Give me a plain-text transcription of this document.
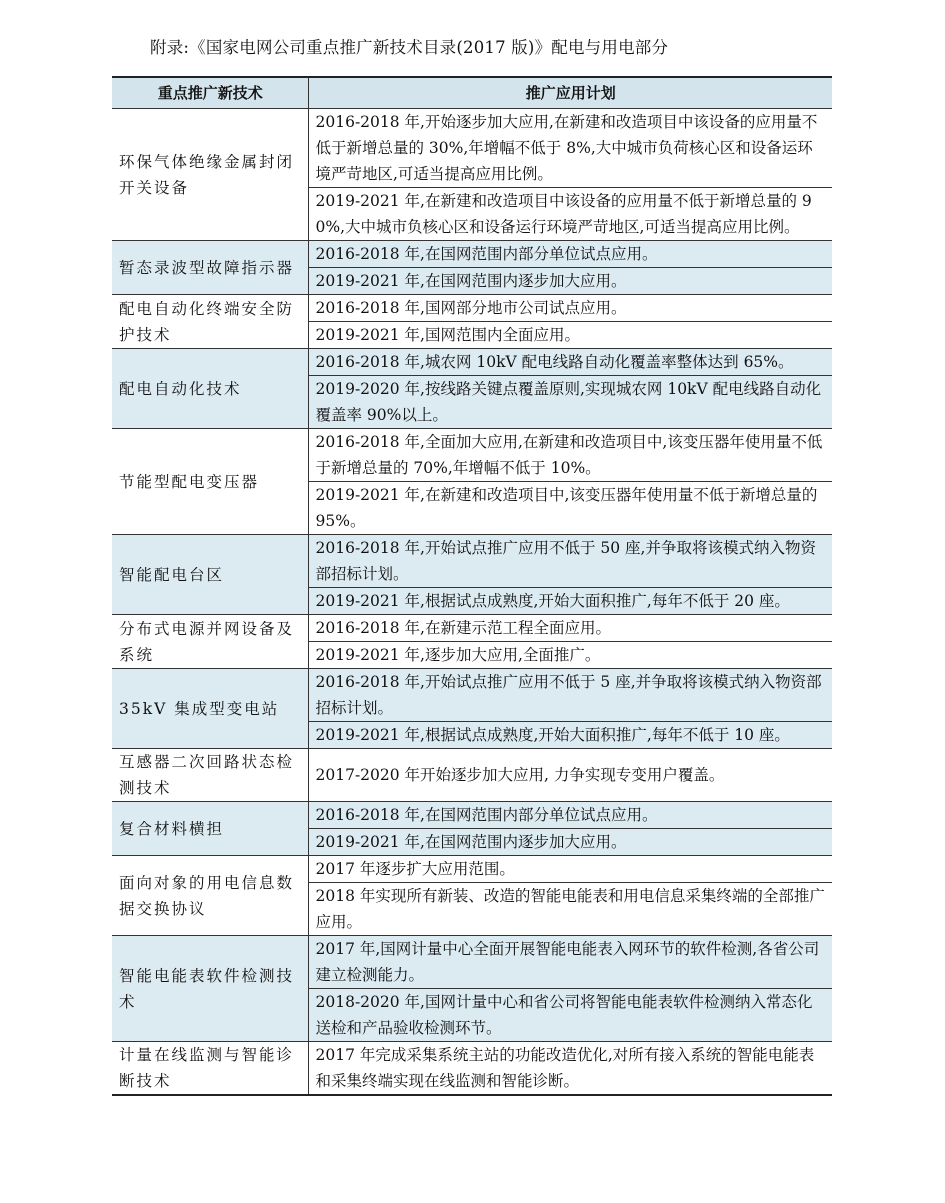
附录:《国家电网公司重点推广新技术目录(2017 版)》配电与用电部分
重点推广新技术	推广应用计划
环保气体绝缘金属封闭开关设备	2016-2018 年,开始逐步加大应用,在新建和改造项目中该设备的应用量不低于新增总量的 30%,年增幅不低于 8%,大中城市负荷核心区和设备运环境严苛地区,可适当提高应用比例。
	2019-2021 年,在新建和改造项目中该设备的应用量不低于新增总量的 90%,大中城市负核心区和设备运行环境严苛地区,可适当提高应用比例。
暂态录波型故障指示器	2016-2018 年,在国网范围内部分单位试点应用。
	2019-2021 年,在国网范围内逐步加大应用。
配电自动化终端安全防护技术	2016-2018 年,国网部分地市公司试点应用。
	2019-2021 年,国网范围内全面应用。
配电自动化技术	2016-2018 年,城农网 10kV 配电线路自动化覆盖率整体达到 65%。
	2019-2020 年,按线路关键点覆盖原则,实现城农网 10kV 配电线路自动化覆盖率 90%以上。
节能型配电变压器	2016-2018 年,全面加大应用,在新建和改造项目中,该变压器年使用量不低于新增总量的 70%,年增幅不低于 10%。
	2019-2021 年,在新建和改造项目中,该变压器年使用量不低于新增总量的 95%。
智能配电台区	2016-2018 年,开始试点推广应用不低于 50 座,并争取将该模式纳入物资部招标计划。
	2019-2021 年,根据试点成熟度,开始大面积推广,每年不低于 20 座。
分布式电源并网设备及系统	2016-2018 年,在新建示范工程全面应用。
	2019-2021 年,逐步加大应用,全面推广。
35kV 集成型变电站	2016-2018 年,开始试点推广应用不低于 5 座,并争取将该模式纳入物资部招标计划。
	2019-2021 年,根据试点成熟度,开始大面积推广,每年不低于 10 座。
互感器二次回路状态检测技术	2017-2020 年开始逐步加大应用, 力争实现专变用户覆盖。
复合材料横担	2016-2018 年,在国网范围内部分单位试点应用。
	2019-2021 年,在国网范围内逐步加大应用。
面向对象的用电信息数据交换协议	2017 年逐步扩大应用范围。
	2018 年实现所有新装、改造的智能电能表和用电信息采集终端的全部推广应用。
智能电能表软件检测技术	2017 年,国网计量中心全面开展智能电能表入网环节的软件检测,各省公司建立检测能力。
	2018-2020 年,国网计量中心和省公司将智能电能表软件检测纳入常态化送检和产品验收检测环节。
计量在线监测与智能诊断技术	2017 年完成采集系统主站的功能改造优化,对所有接入系统的智能电能表和采集终端实现在线监测和智能诊断。
